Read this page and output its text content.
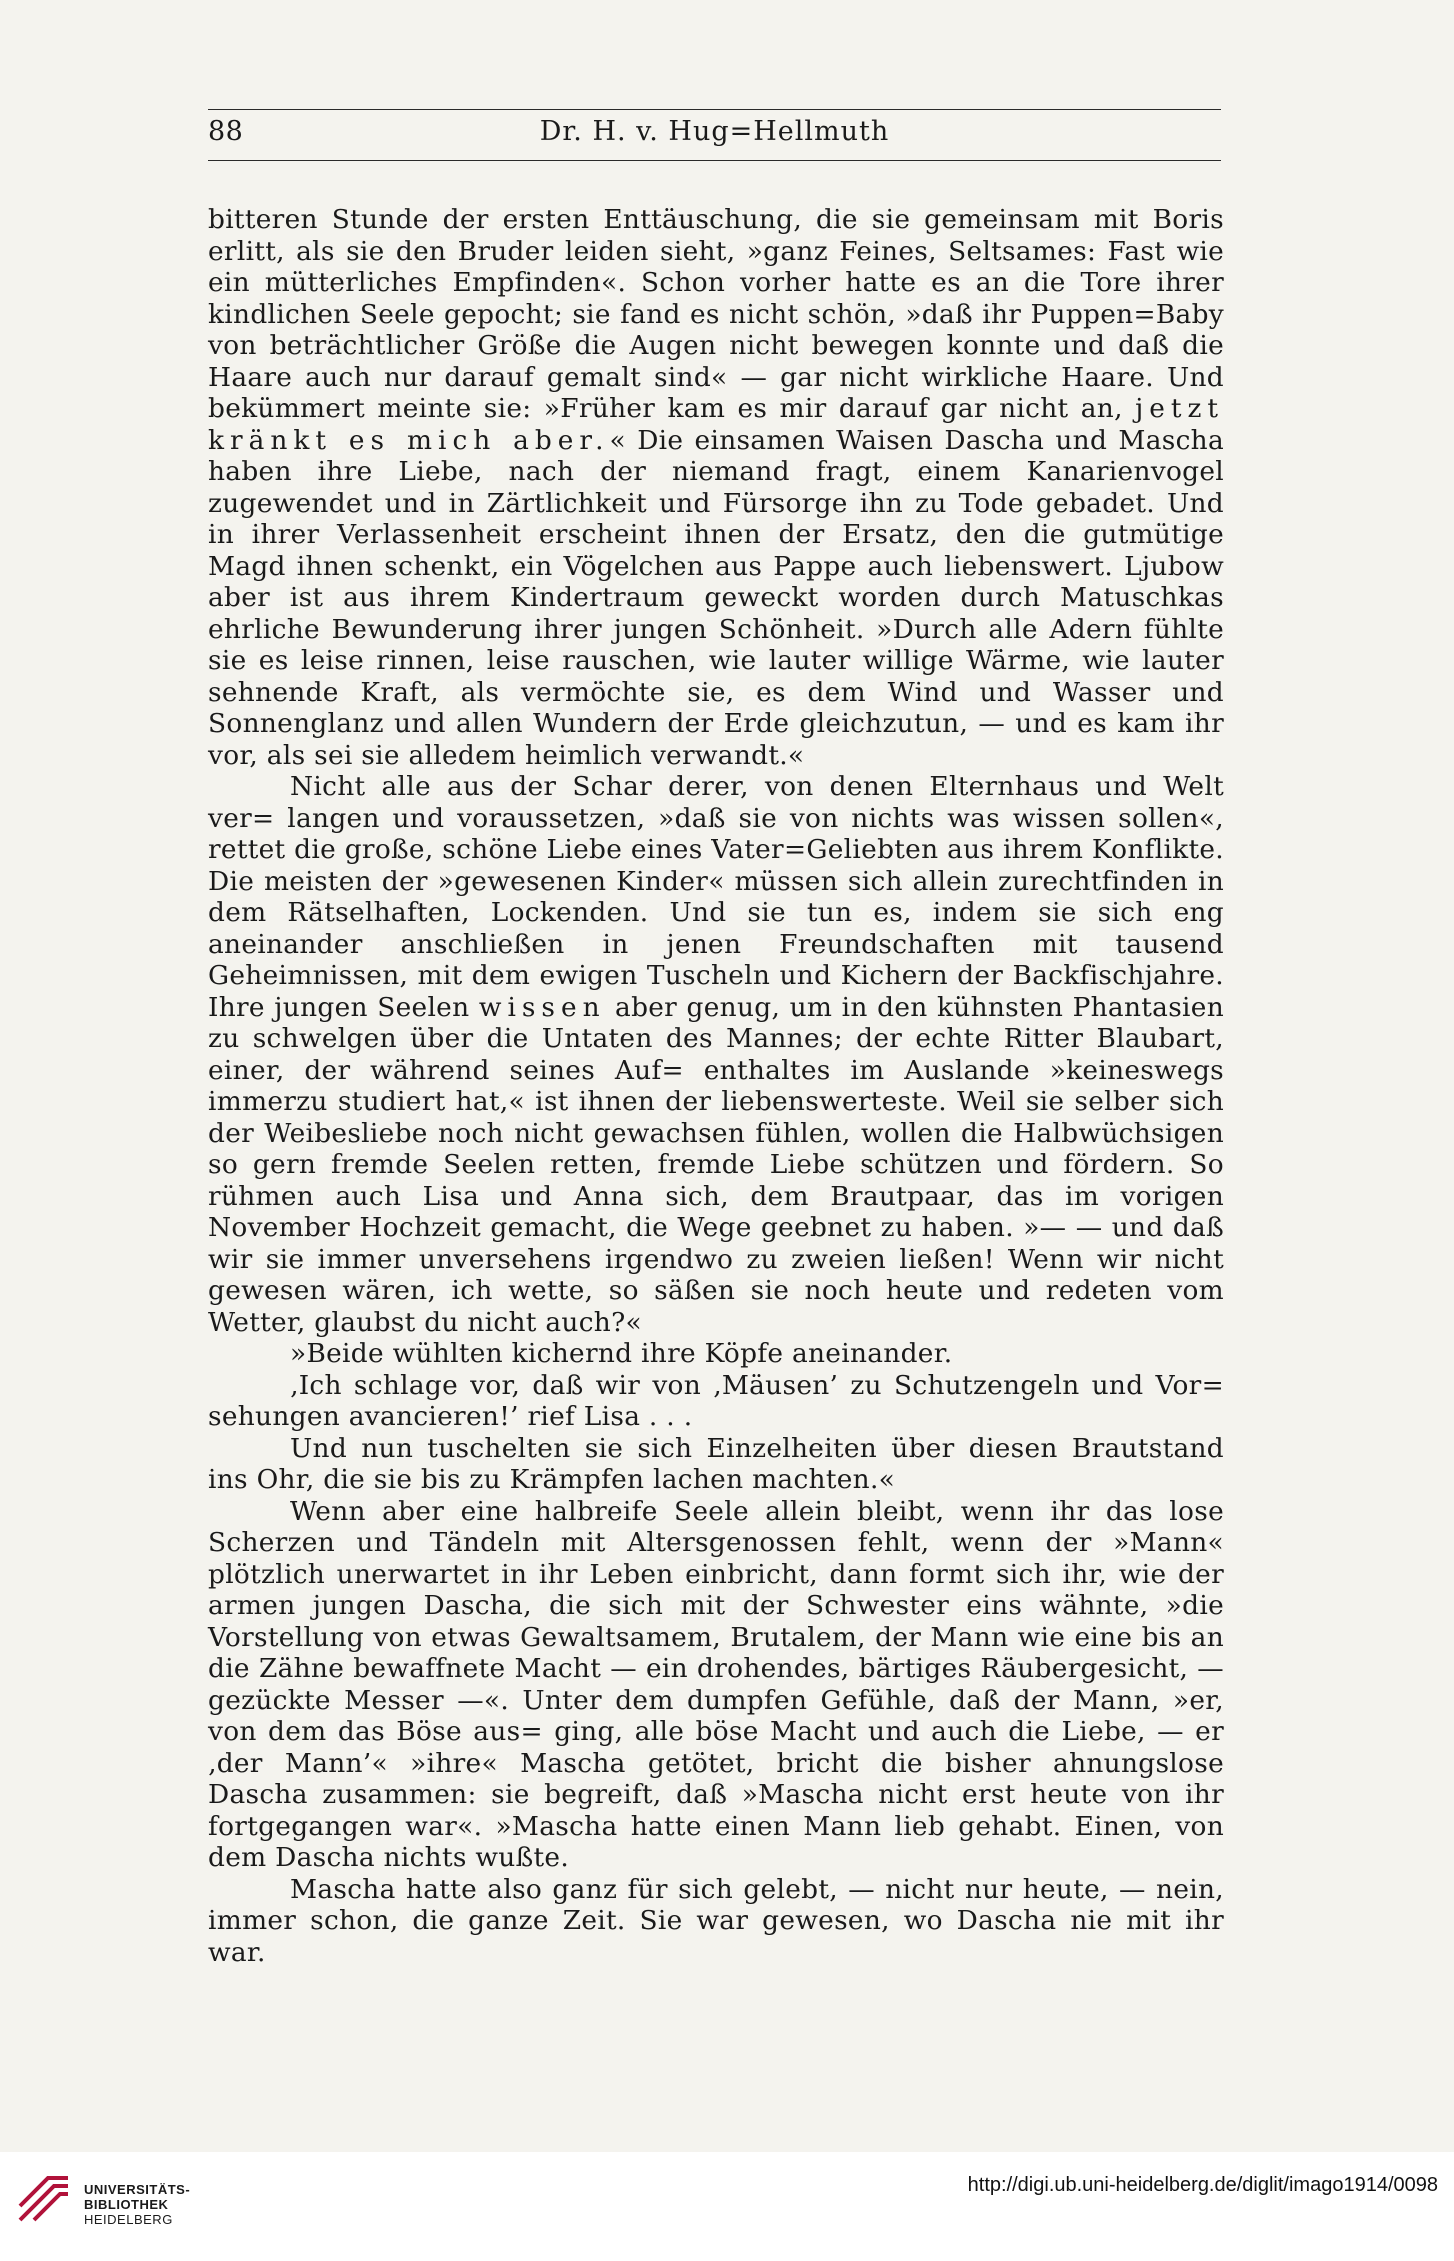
88	Dr. H. v. Hug=Hellmuth

bitteren Stunde der ersten Enttäuschung, die sie gemeinsam mit Boris erlitt, als sie den Bruder leiden sieht, »ganz Feines, Seltsames: Fast wie ein mütterliches Empfinden«. Schon vorher hatte es an die Tore ihrer kindlichen Seele gepocht; sie fand es nicht schön, »daß ihr Puppen=Baby von beträchtlicher Größe die Augen nicht bewegen konnte und daß die Haare auch nur darauf gemalt sind« — gar nicht wirkliche Haare. Und bekümmert meinte sie: »Früher kam es mir darauf gar nicht an, jetzt kränkt es mich aber.« Die einsamen Waisen Dascha und Mascha haben ihre Liebe, nach der niemand fragt, einem Kanarienvogel zugewendet und in Zärtlichkeit und Fürsorge ihn zu Tode gebadet. Und in ihrer Verlassenheit erscheint ihnen der Ersatz, den die gutmütige Magd ihnen schenkt, ein Vögelchen aus Pappe auch liebenswert. Ljubow aber ist aus ihrem Kindertraum geweckt worden durch Matuschkas ehrliche Bewunderung ihrer jungen Schönheit. »Durch alle Adern fühlte sie es leise rinnen, leise rauschen, wie lauter willige Wärme, wie lauter sehnende Kraft, als vermöchte sie, es dem Wind und Wasser und Sonnenglanz und allen Wundern der Erde gleichzutun, — und es kam ihr vor, als sei sie alledem heimlich verwandt.«

Nicht alle aus der Schar derer, von denen Elternhaus und Welt ver= langen und voraussetzen, »daß sie von nichts was wissen sollen«, rettet die große, schöne Liebe eines Vater=Geliebten aus ihrem Konflikte. Die meisten der »gewesenen Kinder« müssen sich allein zurechtfinden in dem Rätselhaften, Lockenden. Und sie tun es, indem sie sich eng aneinander anschließen in jenen Freundschaften mit tausend Geheimnissen, mit dem ewigen Tuscheln und Kichern der Backfischjahre. Ihre jungen Seelen wissen aber genug, um in den kühnsten Phantasien zu schwelgen über die Untaten des Mannes; der echte Ritter Blaubart, einer, der während seines Auf= enthaltes im Auslande »keineswegs immerzu studiert hat,« ist ihnen der liebenswerteste. Weil sie selber sich der Weibesliebe noch nicht gewachsen fühlen, wollen die Halbwüchsigen so gern fremde Seelen retten, fremde Liebe schützen und fördern. So rühmen auch Lisa und Anna sich, dem Brautpaar, das im vorigen November Hochzeit gemacht, die Wege geebnet zu haben. »— — und daß wir sie immer unversehens irgendwo zu zweien ließen! Wenn wir nicht gewesen wären, ich wette, so säßen sie noch heute und redeten vom Wetter, glaubst du nicht auch?«

»Beide wühlten kichernd ihre Köpfe aneinander.

‚Ich schlage vor, daß wir von ‚Mäusen’ zu Schutzengeln und Vor= sehungen avancieren!’ rief Lisa . . .

Und nun tuschelten sie sich Einzelheiten über diesen Brautstand ins Ohr, die sie bis zu Krämpfen lachen machten.«

Wenn aber eine halbreife Seele allein bleibt, wenn ihr das lose Scherzen und Tändeln mit Altersgenossen fehlt, wenn der »Mann« plötzlich unerwartet in ihr Leben einbricht, dann formt sich ihr, wie der armen jungen Dascha, die sich mit der Schwester eins wähnte, »die Vorstellung von etwas Gewaltsamem, Brutalem, der Mann wie eine bis an die Zähne bewaffnete Macht — ein drohendes, bärtiges Räubergesicht, — gezückte Messer —«. Unter dem dumpfen Gefühle, daß der Mann, »er, von dem das Böse aus= ging, alle böse Macht und auch die Liebe, — er ‚der Mann’« »ihre« Mascha getötet, bricht die bisher ahnungslose Dascha zusammen: sie begreift, daß »Mascha nicht erst heute von ihr fortgegangen war«. »Mascha hatte einen Mann lieb gehabt. Einen, von dem Dascha nichts wußte.

Mascha hatte also ganz für sich gelebt, — nicht nur heute, — nein, immer schon, die ganze Zeit. Sie war gewesen, wo Dascha nie mit ihr war.

UNIVERSITÄTS-
BIBLIOTHEK
HEIDELBERG
http://digi.ub.uni-heidelberg.de/diglit/imago1914/0098
